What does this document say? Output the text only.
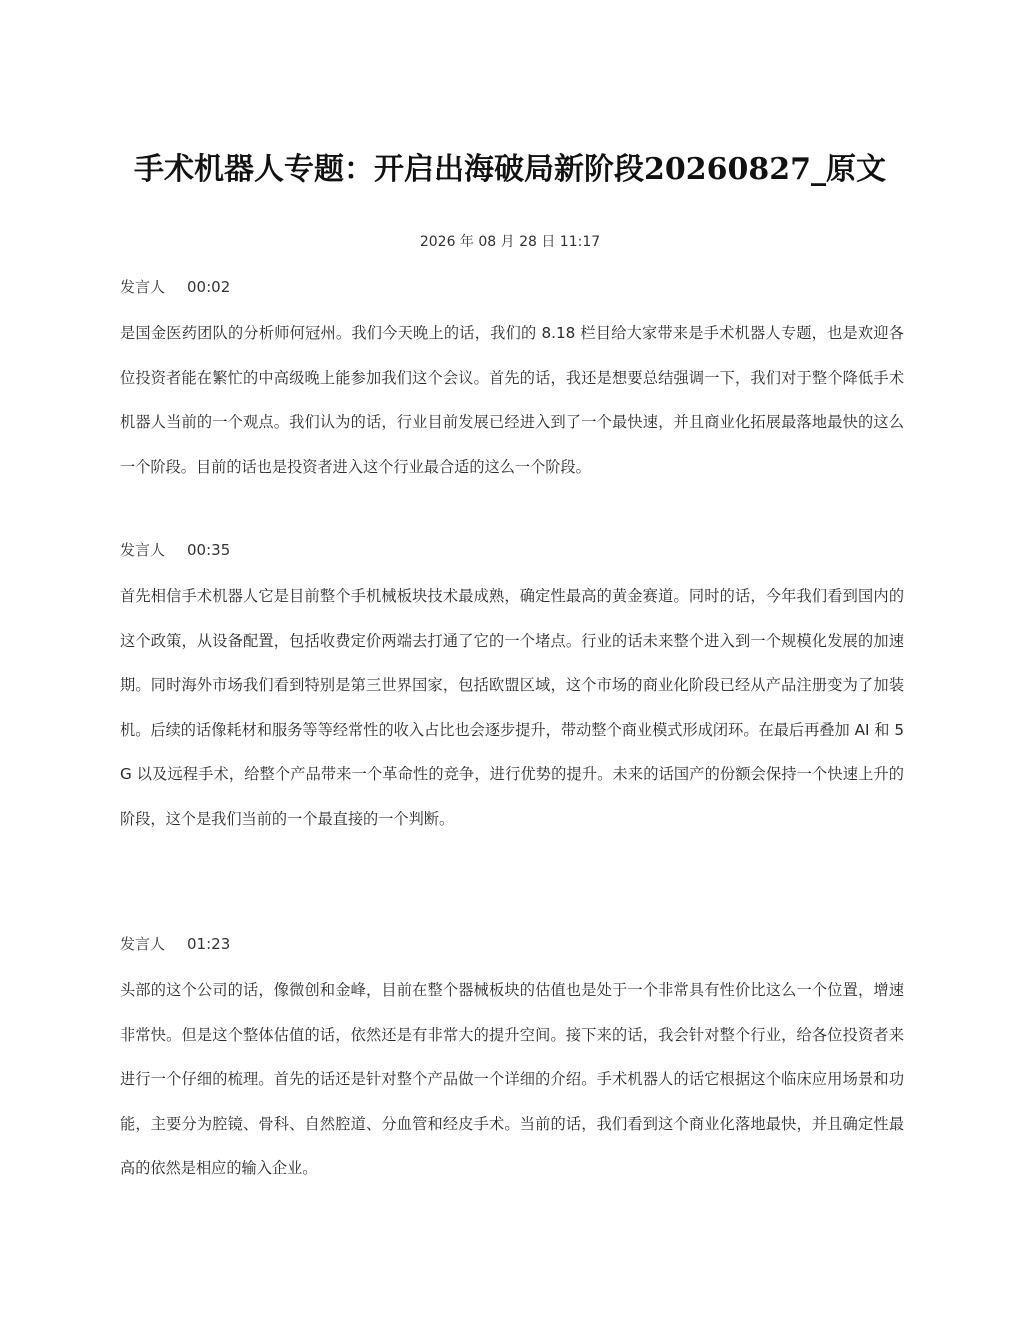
手术机器人专题：开启出海破局新阶段20260827_原文

2026 年 08 月 28 日 11:17

发言人 00:02

是国金医药团队的分析师何冠州。我们今天晚上的话，我们的 8.18 栏目给大家带来是手术机器人专题，也是欢迎各位投资者能在繁忙的中高级晚上能参加我们这个会议。首先的话，我还是想要总结强调一下，我们对于整个降低手术机器人当前的一个观点。我们认为的话，行业目前发展已经进入到了一个最快速，并且商业化拓展最落地最快的这么一个阶段。目前的话也是投资者进入这个行业最合适的这么一个阶段。

发言人 00:35

首先相信手术机器人它是目前整个手机械板块技术最成熟，确定性最高的黄金赛道。同时的话，今年我们看到国内的这个政策，从设备配置，包括收费定价两端去打通了它的一个堵点。行业的话未来整个进入到一个规模化发展的加速期。同时海外市场我们看到特别是第三世界国家，包括欧盟区域，这个市场的商业化阶段已经从产品注册变为了加装机。后续的话像耗材和服务等等经常性的收入占比也会逐步提升，带动整个商业模式形成闭环。在最后再叠加 AI 和 5G 以及远程手术，给整个产品带来一个革命性的竞争，进行优势的提升。未来的话国产的份额会保持一个快速上升的阶段，这个是我们当前的一个最直接的一个判断。

发言人 01:23

头部的这个公司的话，像微创和金峰，目前在整个器械板块的估值也是处于一个非常具有性价比这么一个位置，增速非常快。但是这个整体估值的话，依然还是有非常大的提升空间。接下来的话，我会针对整个行业，给各位投资者来进行一个仔细的梳理。首先的话还是针对整个产品做一个详细的介绍。手术机器人的话它根据这个临床应用场景和功能，主要分为腔镜、骨科、自然腔道、分血管和经皮手术。当前的话，我们看到这个商业化落地最快，并且确定性最高的依然是相应的输入企业。
